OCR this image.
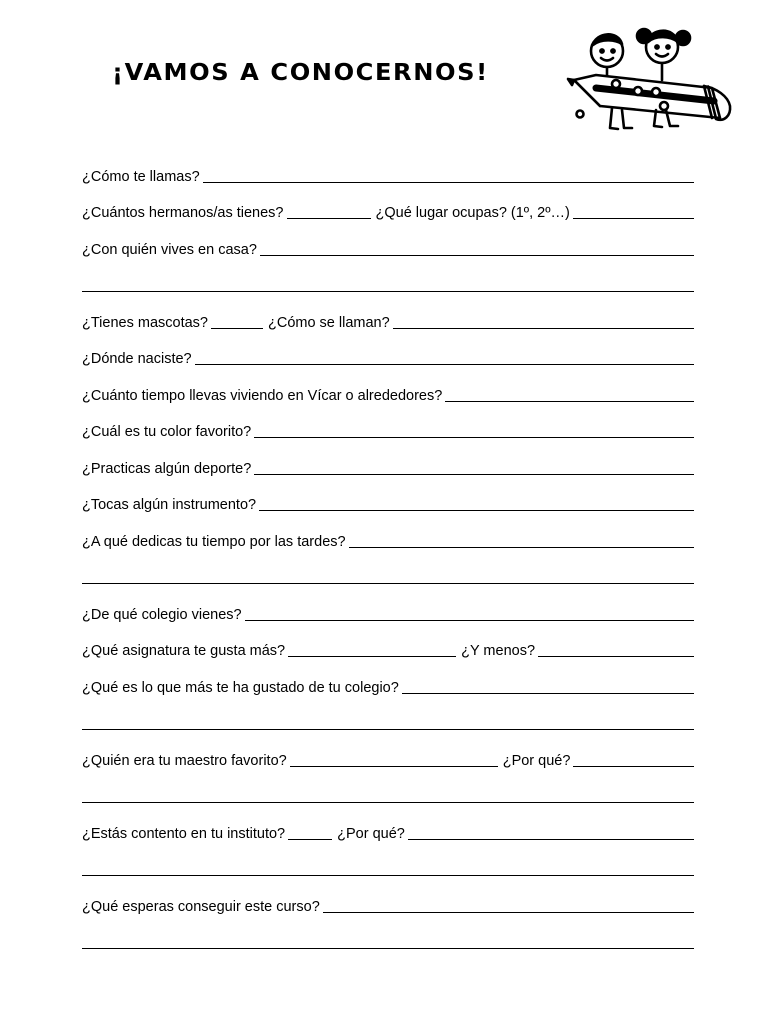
¡VAMOS A CONOCERNOS!
¿Cómo te llamas?
¿Cuántos hermanos/as tienes?	¿Qué lugar ocupas? (1º, 2º…)
¿Con quién vives en casa?
¿Tienes mascotas?	¿Cómo se llaman?
¿Dónde naciste?
¿Cuánto tiempo llevas viviendo en Vícar o alrededores?
¿Cuál es tu color favorito?
¿Practicas algún deporte?
¿Tocas algún instrumento?
¿A qué dedicas tu tiempo por las tardes?
¿De qué colegio vienes?
¿Qué asignatura te gusta más?	¿Y menos?
¿Qué es lo que más te ha gustado de tu colegio?
¿Quién era tu maestro favorito?	¿Por qué?
¿Estás contento en tu instituto?	¿Por qué?
¿Qué esperas conseguir este curso?
